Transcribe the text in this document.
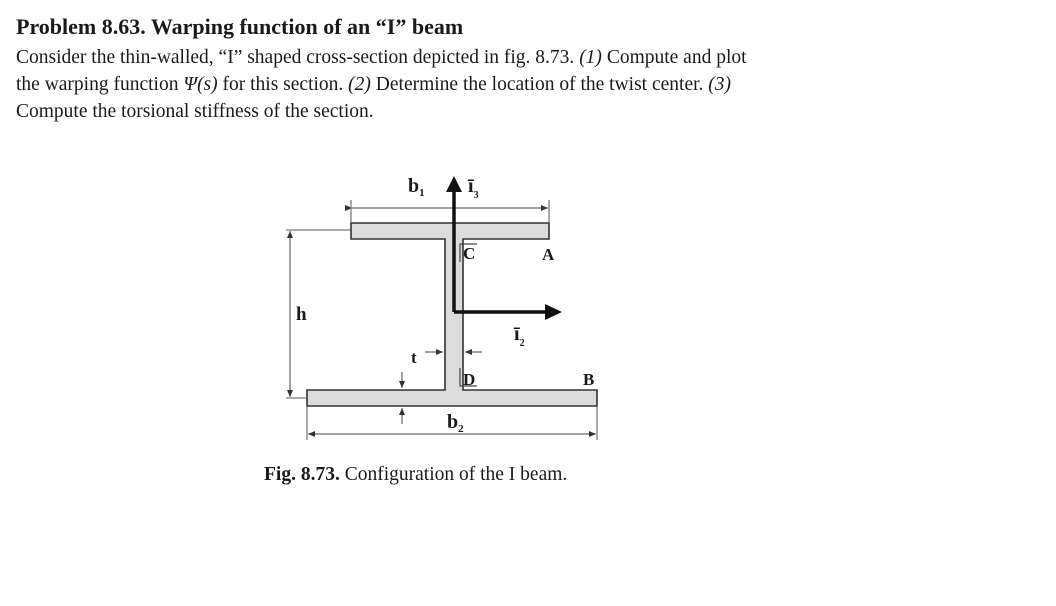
Problem 8.63. Warping function of an “I” beam
Consider the thin-walled, “I” shaped cross-section depicted in fig. 8.73. (1) Compute and plot
the warping function Ψ(s) for this section. (2) Determine the location of the twist center. (3)
Compute the torsional stiffness of the section.
$b_1$ $ī_3$
h
t
$ī_2$
A
B
C
D
$b_2$

Fig. 8.73. Configuration of the I beam.
